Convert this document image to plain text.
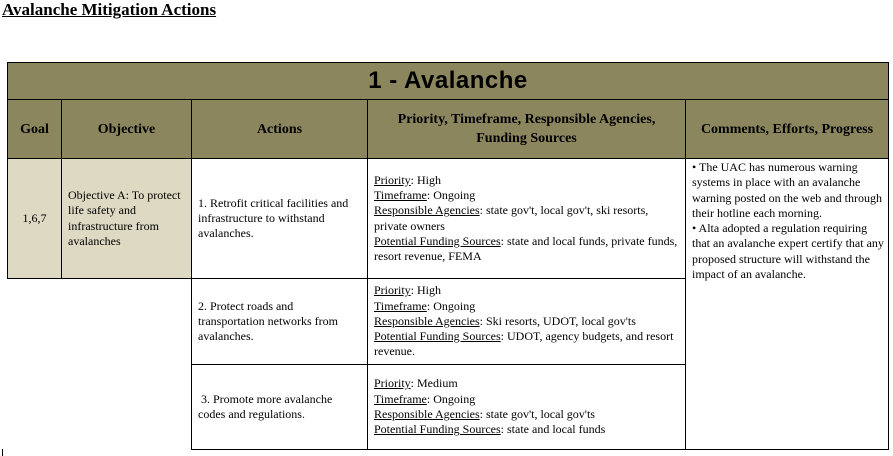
Avalanche Mitigation Actions
1 - Avalanche
Goal	Objective	Actions
Priority, Timeframe, Responsible Agencies, Funding Sources
Comments, Efforts, Progress
1,6,7
Objective A: To protect life safety and infrastructure from avalanches
1. Retrofit critical facilities and infrastructure to withstand avalanches.
Priority: High
Timeframe: Ongoing
Responsible Agencies: state gov't, local gov't, ski resorts, private owners
Potential Funding Sources: state and local funds, private funds, resort revenue, FEMA
2. Protect roads and transportation networks from avalanches.
Priority: High
Timeframe: Ongoing
Responsible Agencies: Ski resorts, UDOT, local gov'ts
Potential Funding Sources: UDOT, agency budgets, and resort revenue.
3. Promote more avalanche codes and regulations.
Priority: Medium
Timeframe: Ongoing
Responsible Agencies: state gov't, local gov'ts
Potential Funding Sources: state and local funds
• The UAC has numerous warning systems in place with an avalanche warning posted on the web and through their hotline each morning.
• Alta adopted a regulation requiring that an avalanche expert certify that any proposed structure will withstand the impact of an avalanche.
